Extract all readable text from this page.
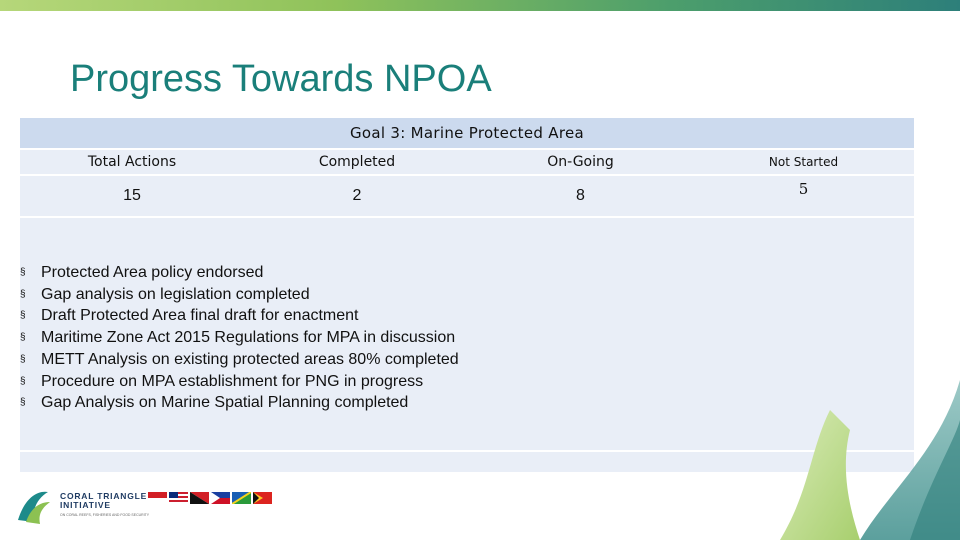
Progress Towards NPOA
Goal 3: Marine Protected Area
Total Actions	Completed	On-Going	Not Started
15	2	8	5
§ Protected Area policy endorsed
§ Gap analysis on legislation completed
§ Draft Protected Area final draft for enactment
§ Maritime Zone Act 2015 Regulations for MPA in discussion
§ METT Analysis on existing protected areas 80% completed
§ Procedure on MPA establishment for PNG in progress
§ Gap Analysis on Marine Spatial Planning completed
CORAL TRIANGLE
INITIATIVE
ON CORAL REEFS, FISHERIES AND FOOD SECURITY
